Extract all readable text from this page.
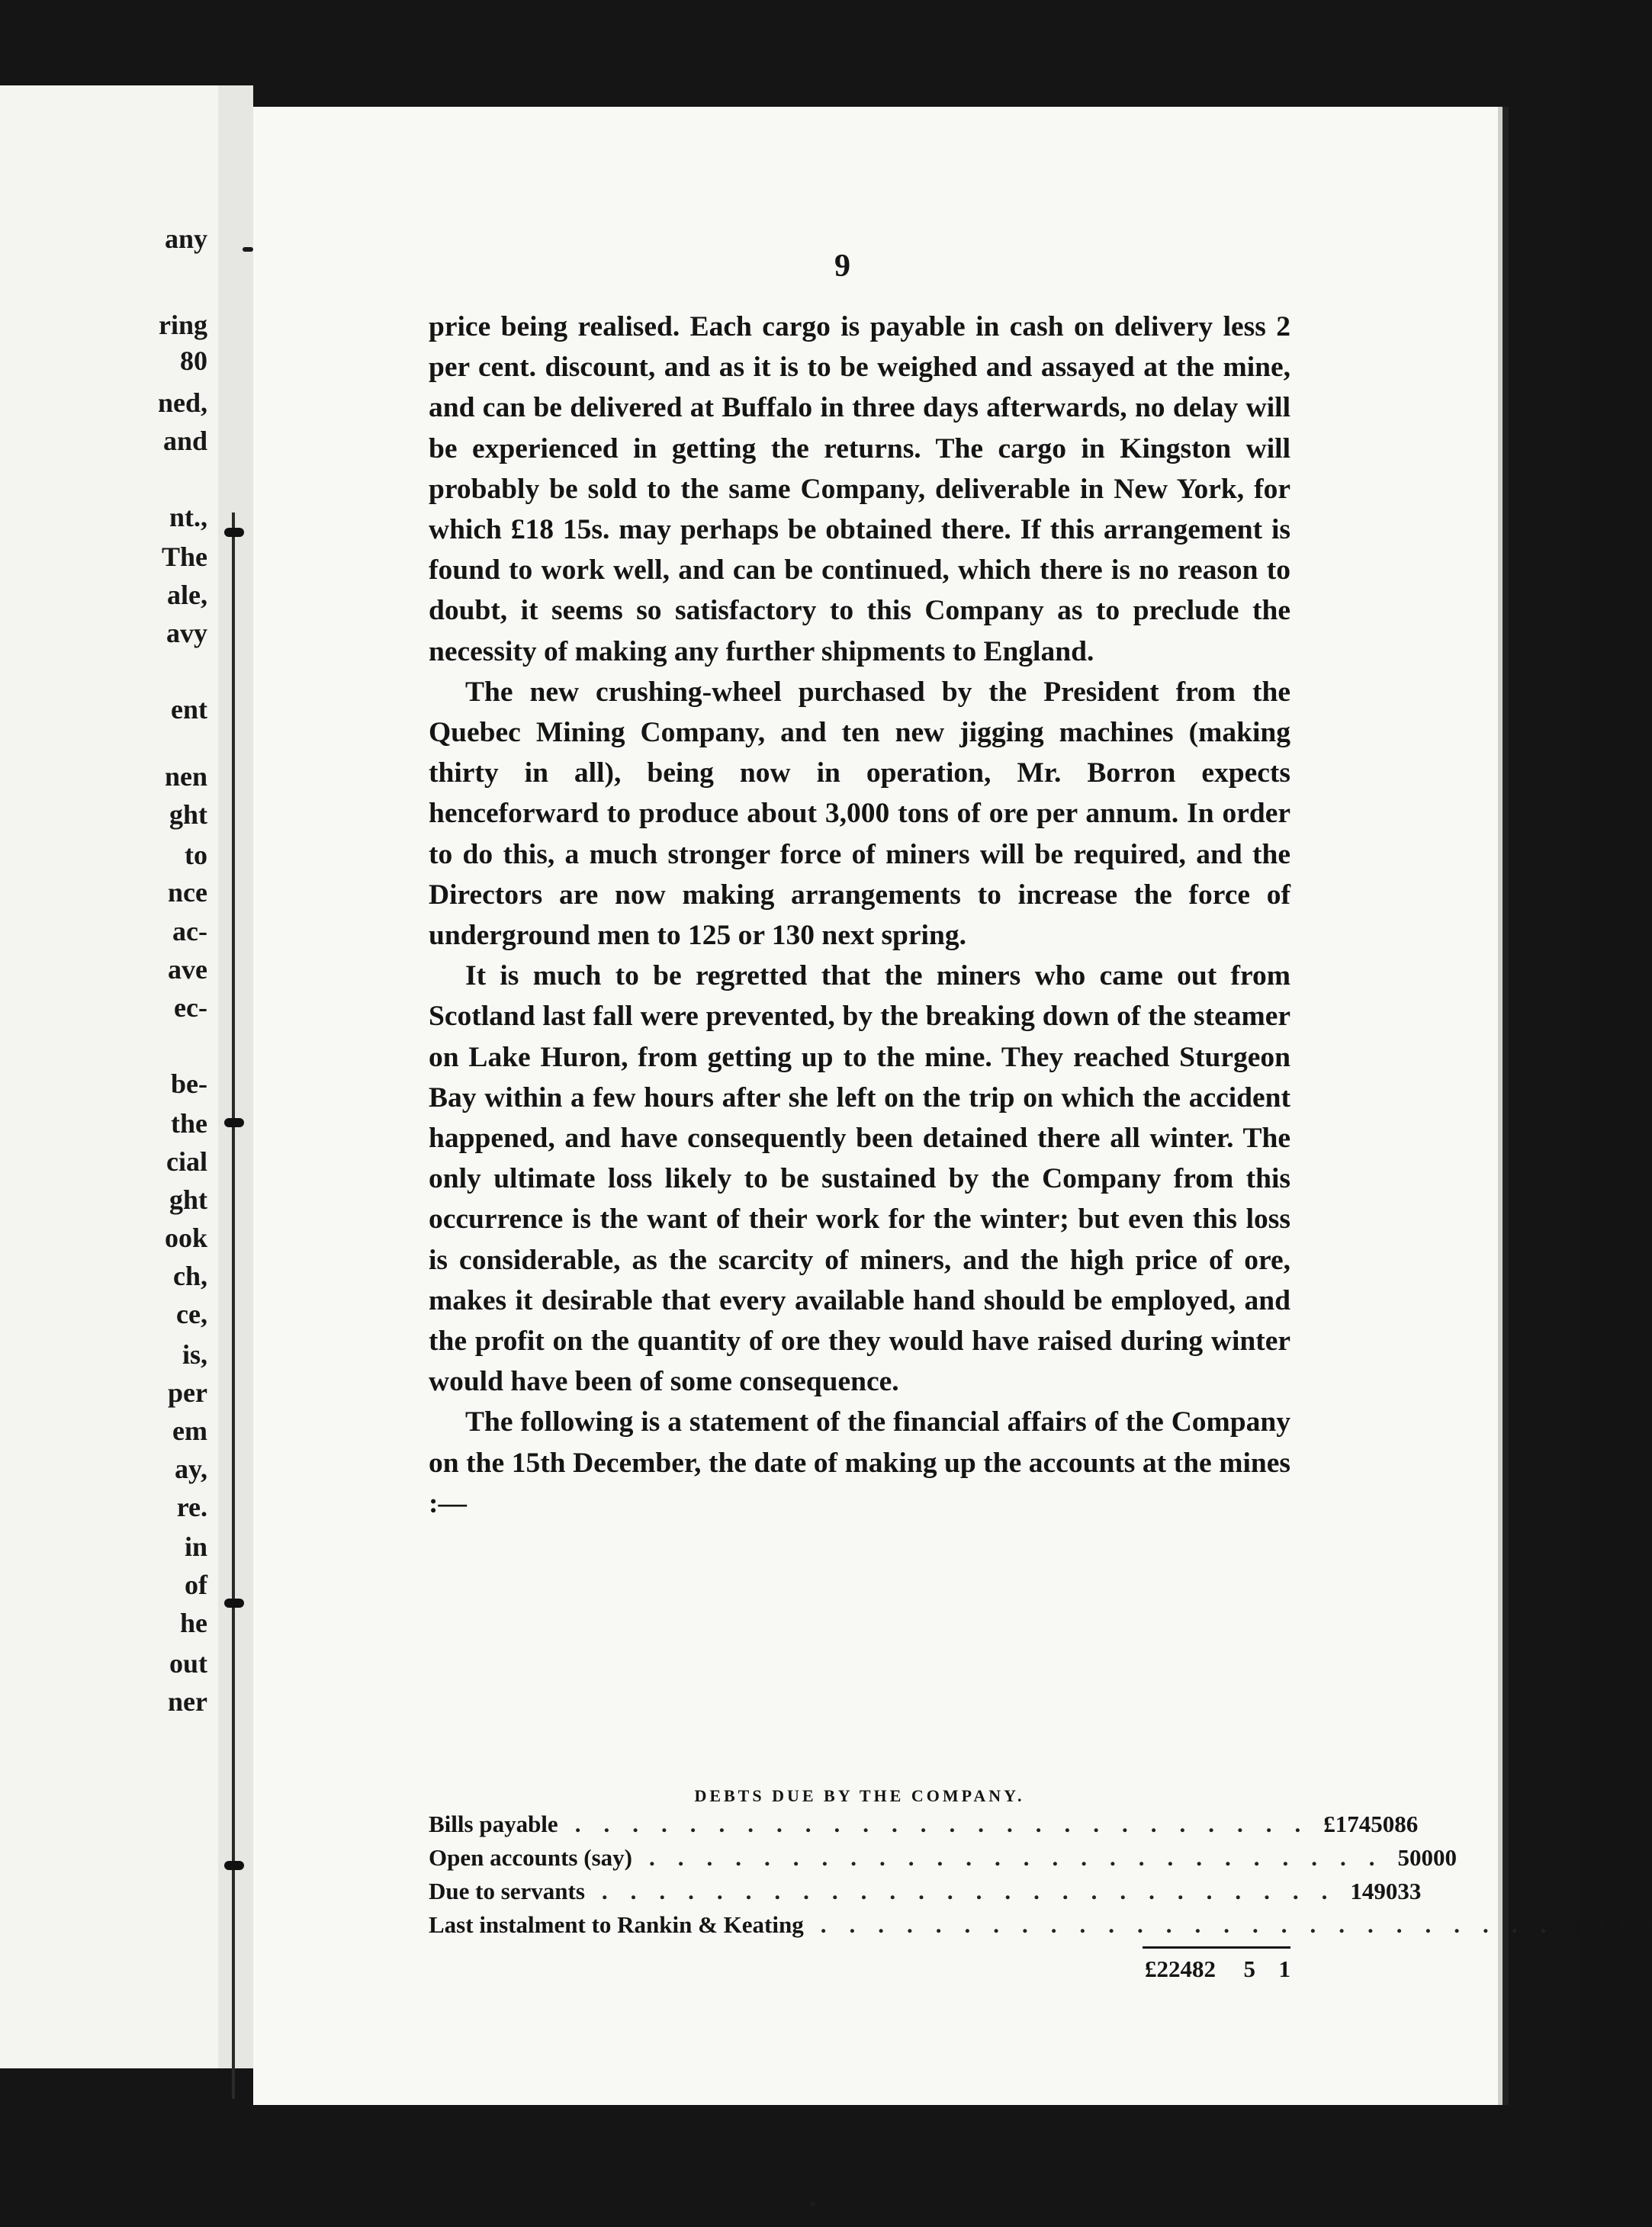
any
ring
80
ned,
and
nt.,
The
ale,
avy
ent
nen
ght
to
nce
ac-
ave
ec-
be-
the
cial
ght
ook
ch,
ce,
is,
per
em
ay,
re.
in
of
he
out
ner
9

price being realised. Each cargo is payable in cash on delivery less 2 per cent. discount, and as it is to be weighed and assayed at the mine, and can be delivered at Buffalo in three days afterwards, no delay will be experienced in getting the returns. The cargo in Kingston will probably be sold to the same Company, deliverable in New York, for which £18 15s. may perhaps be obtained there. If this arrangement is found to work well, and can be continued, which there is no reason to doubt, it seems so satisfactory to this Company as to preclude the necessity of making any further shipments to England.

The new crushing-wheel purchased by the President from the Quebec Mining Company, and ten new jigging machines (making thirty in all), being now in operation, Mr. Borron expects henceforward to produce about 3,000 tons of ore per annum. In order to do this, a much stronger force of miners will be required, and the Directors are now making arrangements to increase the force of underground men to 125 or 130 next spring.

It is much to be regretted that the miners who came out from Scotland last fall were prevented, by the breaking down of the steamer on Lake Huron, from getting up to the mine. They reached Sturgeon Bay within a few hours after she left on the trip on which the accident happened, and have consequently been detained there all winter. The only ultimate loss likely to be sustained by the Company from this occurrence is the want of their work for the winter; but even this loss is considerable, as the scarcity of miners, and the high price of ore, makes it desirable that every available hand should be employed, and the profit on the quantity of ore they would have raised during winter would have been of some consequence.

The following is a statement of the financial affairs of the Company on the 15th December, the date of making up the accounts at the mines :—

DEBTS DUE BY THE COMPANY.
Bills payable .......................... £17450 8 6
Open accounts (say) .......................... 500 0 0
Due to servants .......................... 1490 3 3
Last instalment to Rankin & Keating .......................... 3041 13 4
£22482	5 1
